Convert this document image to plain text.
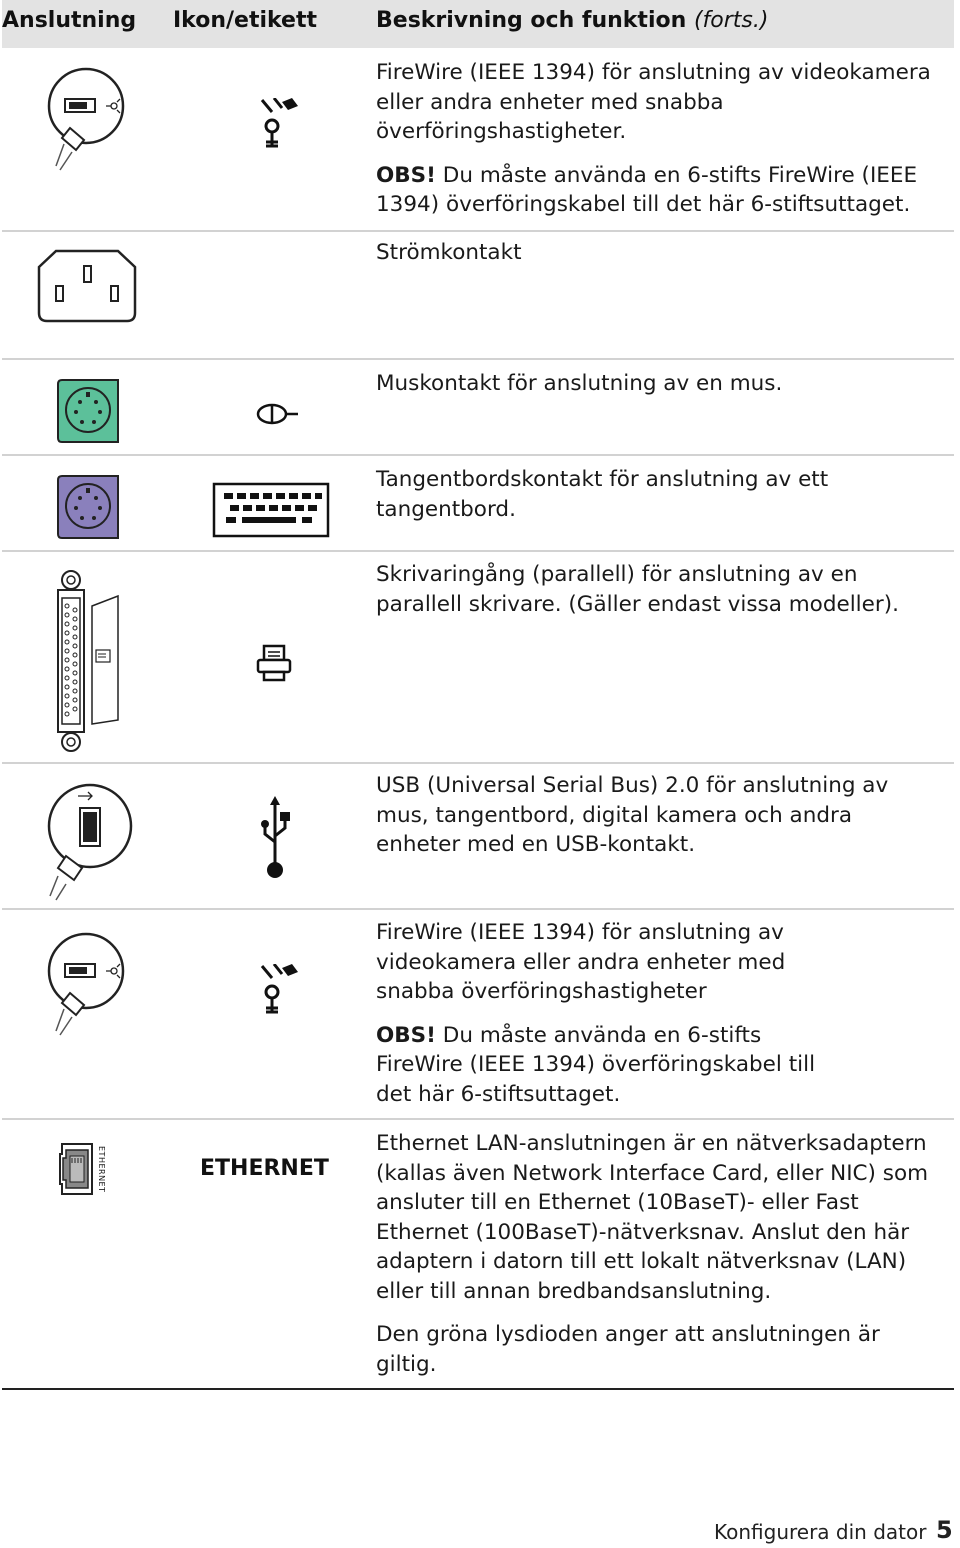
Anslutning Ikon/etikett	Beskrivning och funktion (forts.)

FireWire (IEEE 1394) för anslutning av videokamera eller andra enheter med snabba överföringshastigheter.

OBS! Du måste använda en 6-stifts FireWire (IEEE 1394) överföringskabel till det här 6-stiftsuttaget.

Strömkontakt

Muskontakt för anslutning av en mus.

Tangentbordskontakt för anslutning av ett tangentbord.

Skrivaringång (parallell) för anslutning av en parallell skrivare. (Gäller endast vissa modeller).

USB (Universal Serial Bus) 2.0 för anslutning av mus, tangentbord, digital kamera och andra enheter med en USB-kontakt.

FireWire (IEEE 1394) för anslutning av videokamera eller andra enheter med snabba överföringshastigheter

OBS! Du måste använda en 6-stifts FireWire (IEEE 1394) överföringskabel till det här 6-stiftsuttaget.

ETHERNET	ETHERNET

Ethernet LAN-anslutningen är en nätverksadaptern (kallas även Network Interface Card, eller NIC) som ansluter till en Ethernet (10BaseT)- eller Fast Ethernet (100BaseT)-nätverksnav. Anslut den här adaptern i datorn till ett lokalt nätverksnav (LAN) eller till annan bredbandsanslutning.

Den gröna lysdioden anger att anslutningen är giltig.

Konfigurera din dator 5
